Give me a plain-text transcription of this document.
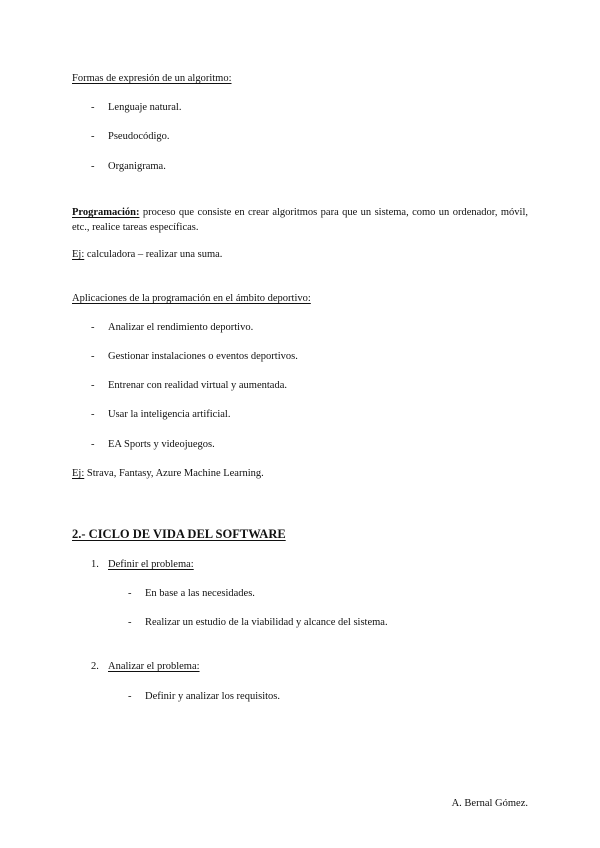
Formas de expresión de un algoritmo:
- Lenguaje natural.
- Pseudocódigo.
- Organigrama.
Programación: proceso que consiste en crear algoritmos para que un sistema, como un ordenador, móvil, etc., realice tareas específicas.
Ej: calculadora – realizar una suma.
Aplicaciones de la programación en el ámbito deportivo:
- Analizar el rendimiento deportivo.
- Gestionar instalaciones o eventos deportivos.
- Entrenar con realidad virtual y aumentada.
- Usar la inteligencia artificial.
- EA Sports y videojuegos.
Ej: Strava, Fantasy, Azure Machine Learning.
2.- CICLO DE VIDA DEL SOFTWARE
1. Definir el problema:
- En base a las necesidades.
- Realizar un estudio de la viabilidad y alcance del sistema.
2. Analizar el problema:
- Definir y analizar los requisitos.
A. Bernal Gómez.
